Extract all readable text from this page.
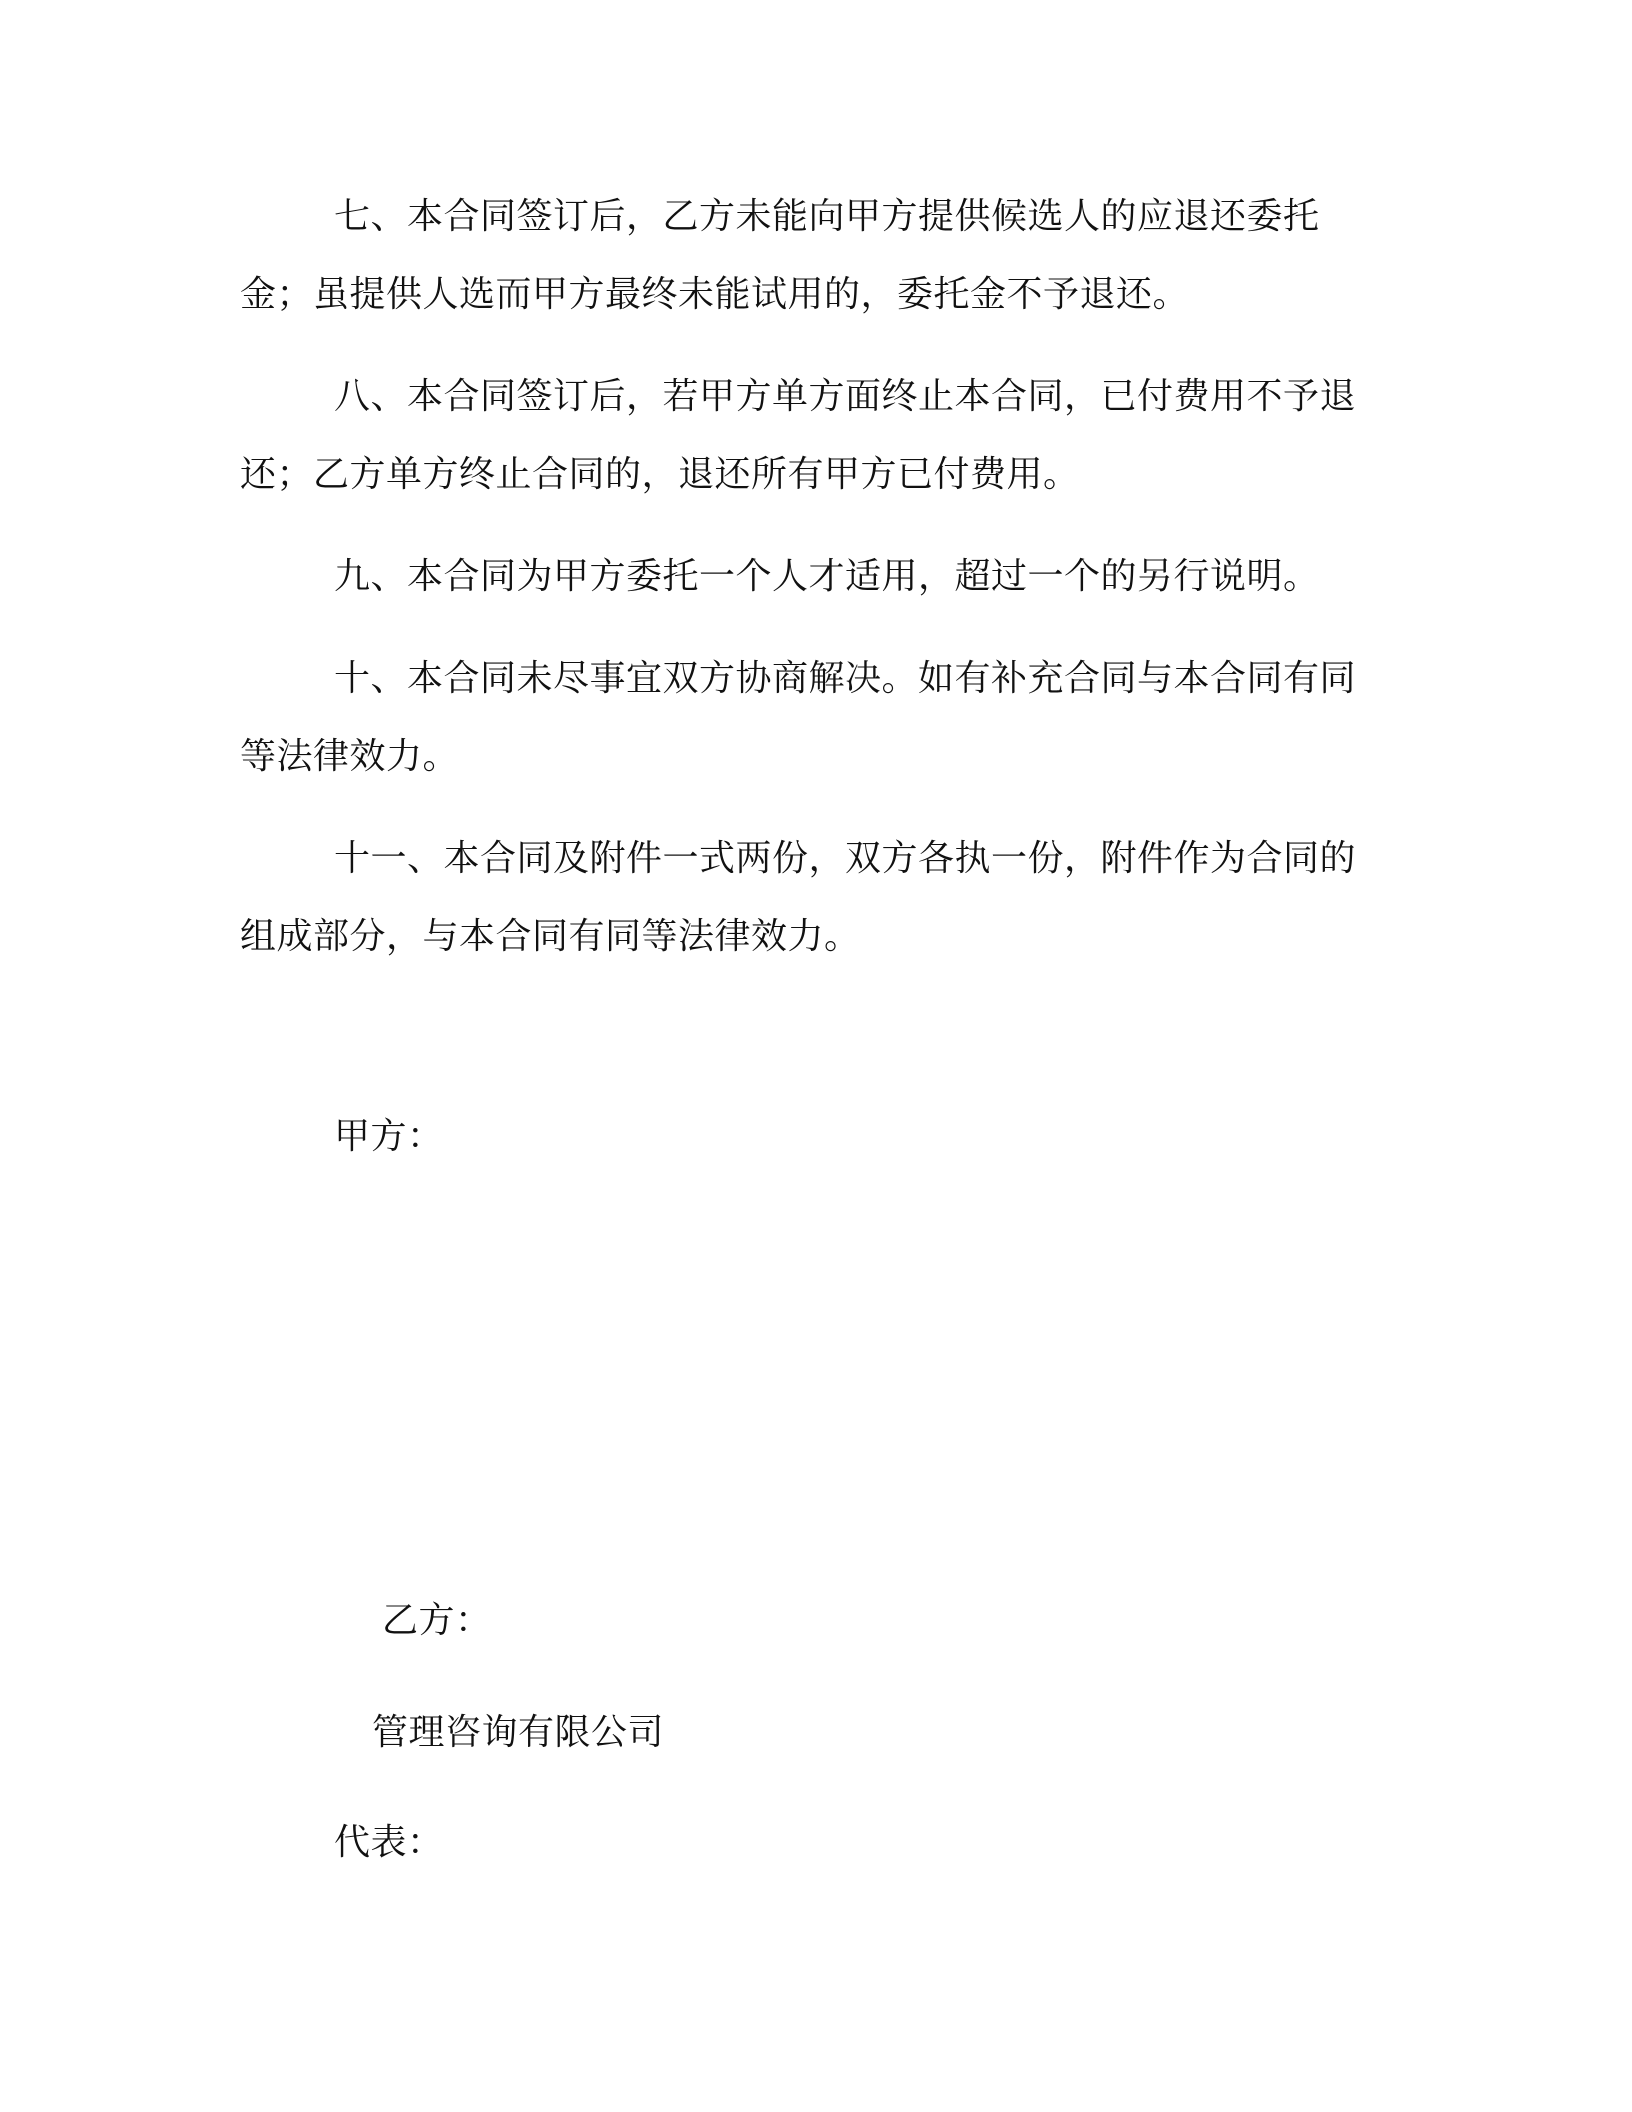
七、本合同签订后，乙方未能向甲方提供候选人的应退还委托金；虽提供人选而甲方最终未能试用的，委托金不予退还。

八、本合同签订后，若甲方单方面终止本合同，已付费用不予退还；乙方单方终止合同的，退还所有甲方已付费用。

九、本合同为甲方委托一个人才适用，超过一个的另行说明。

十、本合同未尽事宜双方协商解决。如有补充合同与本合同有同等法律效力。

十一、本合同及附件一式两份，双方各执一份，附件作为合同的组成部分，与本合同有同等法律效力。

甲方：

乙方：

管理咨询有限公司

代表：
